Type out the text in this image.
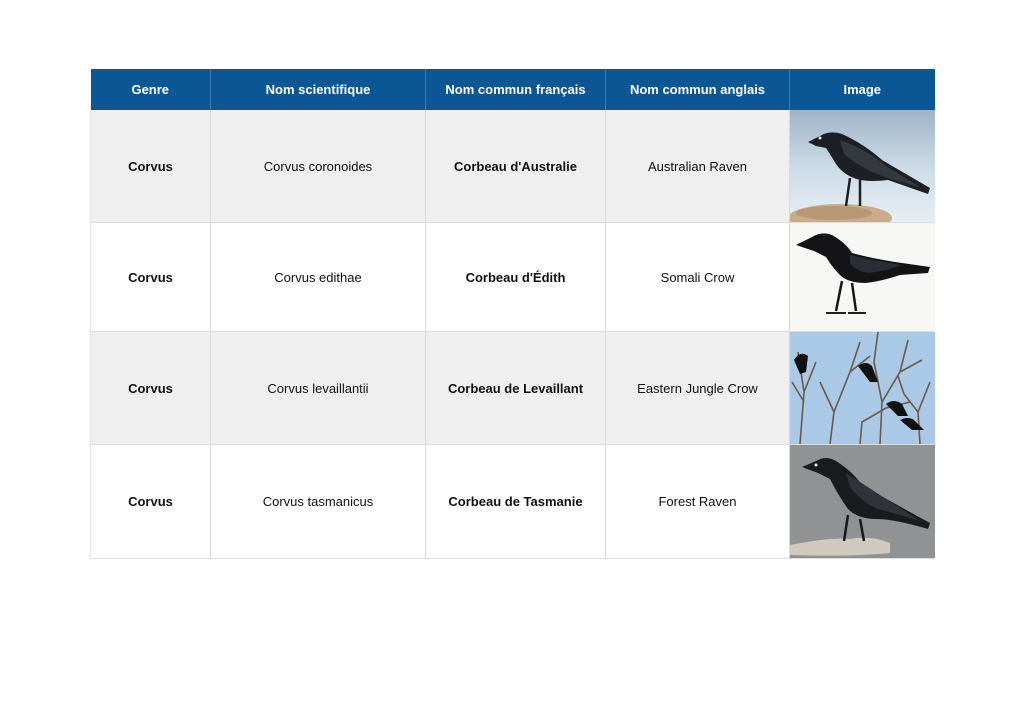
Genre	Nom scientifique	Nom commun français	Nom commun anglais	Image
Corvus	Corvus coronoides	Corbeau d'Australie	Australian Raven	

Corvus	Corvus edithae	Corbeau d'Édith	Somali Crow	

Corvus	Corvus levaillantii	Corbeau de Levaillant	Eastern Jungle Crow	

Corvus	Corvus tasmanicus	Corbeau de Tasmanie	Forest Raven	
